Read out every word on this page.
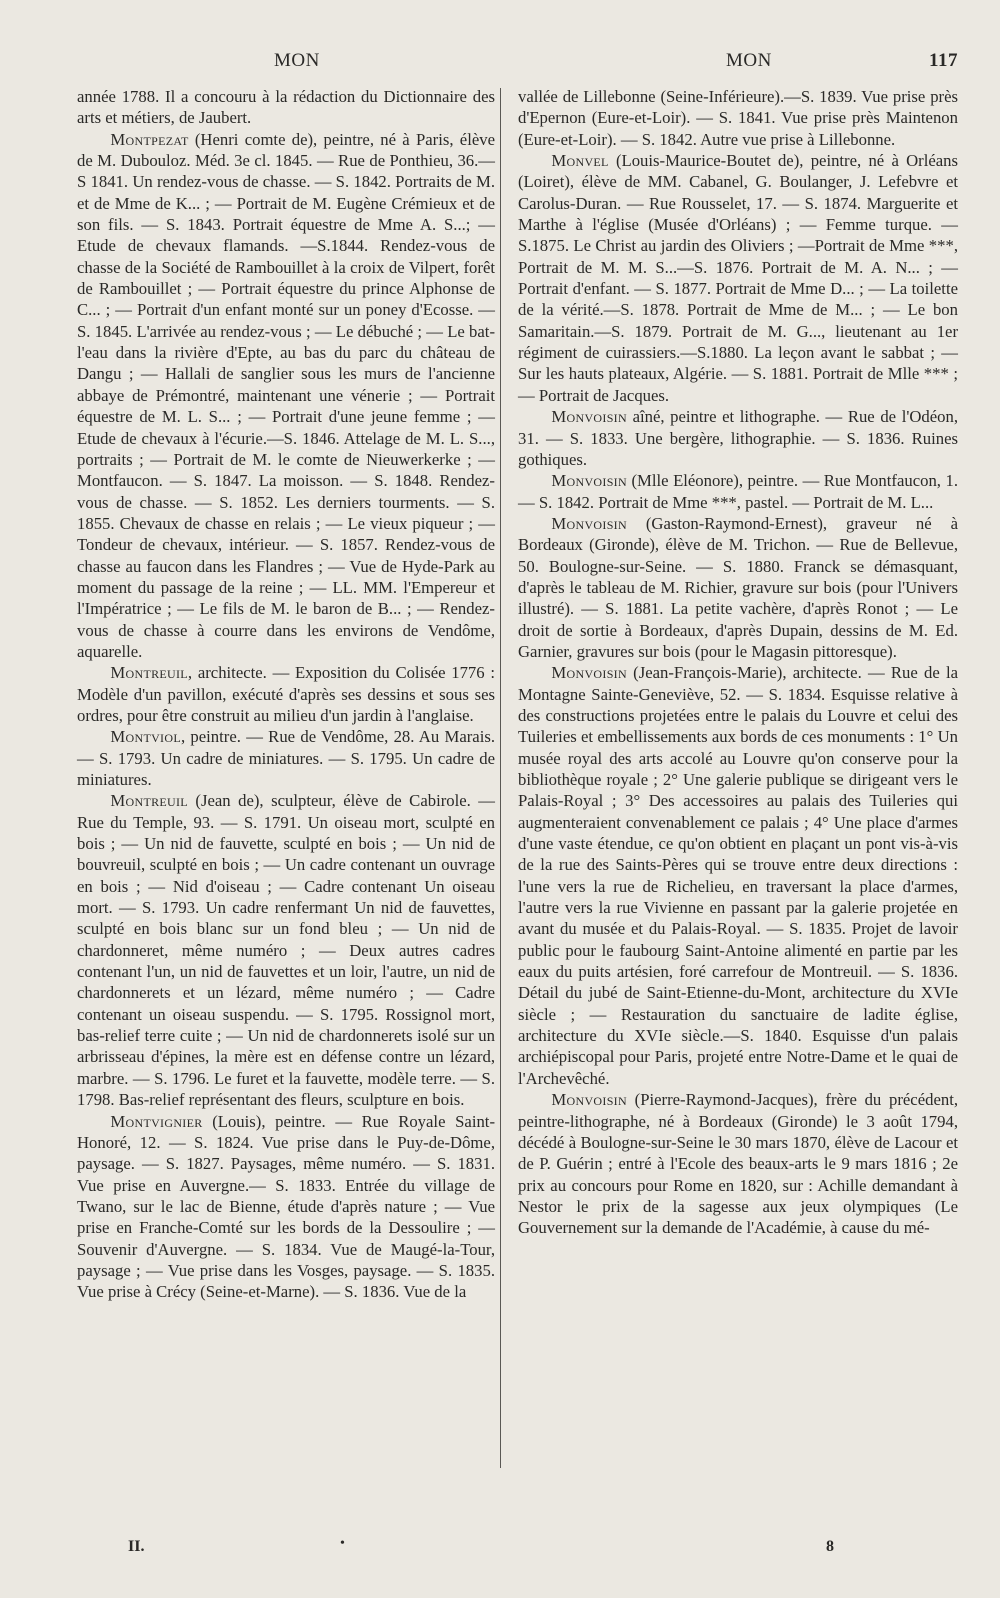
MON	MON	117

année 1788. Il a concouru à la rédaction du Dictionnaire des arts et métiers, de Jaubert.

Montpezat (Henri comte de), peintre, né à Paris, élève de M. Dubouloz. Méd. 3e cl. 1845. — Rue de Ponthieu, 36.—S 1841. Un rendez-vous de chasse. — S. 1842. Portraits de M. et de Mme de K... ; — Portrait de M. Eugène Crémieux et de son fils. — S. 1843. Portrait équestre de Mme A. S...; — Etude de chevaux flamands. —S.1844. Rendez-vous de chasse de la Société de Rambouillet à la croix de Vilpert, forêt de Rambouillet ; — Portrait équestre du prince Alphonse de C... ; — Portrait d'un enfant monté sur un poney d'Ecosse. — S. 1845. L'arrivée au rendez-vous ; — Le débuché ; — Le bat-l'eau dans la rivière d'Epte, au bas du parc du château de Dangu ; — Hallali de sanglier sous les murs de l'ancienne abbaye de Prémontré, maintenant une vénerie ; — Portrait équestre de M. L. S... ; — Portrait d'une jeune femme ; — Etude de chevaux à l'écurie.—S. 1846. Attelage de M. L. S..., portraits ; — Portrait de M. le comte de Nieuwerkerke ; — Montfaucon. — S. 1847. La moisson. — S. 1848. Rendez-vous de chasse. — S. 1852. Les derniers tourments. — S. 1855. Chevaux de chasse en relais ; — Le vieux piqueur ; — Tondeur de chevaux, intérieur. — S. 1857. Rendez-vous de chasse au faucon dans les Flandres ; — Vue de Hyde-Park au moment du passage de la reine ; — LL. MM. l'Empereur et l'Impératrice ; — Le fils de M. le baron de B... ; — Rendez-vous de chasse à courre dans les environs de Vendôme, aquarelle.

Montreuil, architecte. — Exposition du Colisée 1776 : Modèle d'un pavillon, exécuté d'après ses dessins et sous ses ordres, pour être construit au milieu d'un jardin à l'anglaise.

Montviol, peintre. — Rue de Vendôme, 28. Au Marais. — S. 1793. Un cadre de miniatures. — S. 1795. Un cadre de miniatures.

Montreuil (Jean de), sculpteur, élève de Cabirole. — Rue du Temple, 93. — S. 1791. Un oiseau mort, sculpté en bois ; — Un nid de fauvette, sculpté en bois ; — Un nid de bouvreuil, sculpté en bois ; — Un cadre contenant un ouvrage en bois ; — Nid d'oiseau ; — Cadre contenant Un oiseau mort. — S. 1793. Un cadre renfermant Un nid de fauvettes, sculpté en bois blanc sur un fond bleu ; — Un nid de chardonneret, même numéro ; — Deux autres cadres contenant l'un, un nid de fauvettes et un loir, l'autre, un nid de chardonnerets et un lézard, même numéro ; — Cadre contenant un oiseau suspendu. — S. 1795. Rossignol mort, bas-relief terre cuite ; — Un nid de chardonnerets isolé sur un arbrisseau d'épines, la mère est en défense contre un lézard, marbre. — S. 1796. Le furet et la fauvette, modèle terre. — S. 1798. Bas-relief représentant des fleurs, sculpture en bois.

Montvignier (Louis), peintre. — Rue Royale Saint-Honoré, 12. — S. 1824. Vue prise dans le Puy-de-Dôme, paysage. — S. 1827. Paysages, même numéro. — S. 1831. Vue prise en Auvergne.— S. 1833. Entrée du village de Twano, sur le lac de Bienne, étude d'après nature ; — Vue prise en Franche-Comté sur les bords de la Dessoulire ; — Souvenir d'Auvergne. — S. 1834. Vue de Maugé-la-Tour, paysage ; — Vue prise dans les Vosges, paysage. — S. 1835. Vue prise à Crécy (Seine-et-Marne). — S. 1836. Vue de la

vallée de Lillebonne (Seine-Inférieure).—S. 1839. Vue prise près d'Epernon (Eure-et-Loir). — S. 1841. Vue prise près Maintenon (Eure-et-Loir). — S. 1842. Autre vue prise à Lillebonne.

Monvel (Louis-Maurice-Boutet de), peintre, né à Orléans (Loiret), élève de MM. Cabanel, G. Boulanger, J. Lefebvre et Carolus-Duran. — Rue Rousselet, 17. — S. 1874. Marguerite et Marthe à l'église (Musée d'Orléans) ; — Femme turque. — S.1875. Le Christ au jardin des Oliviers ; —Portrait de Mme ***, Portrait de M. M. S...—S. 1876. Portrait de M. A. N... ; — Portrait d'enfant. — S. 1877. Portrait de Mme D... ; — La toilette de la vérité.—S. 1878. Portrait de Mme de M... ; — Le bon Samaritain.—S. 1879. Portrait de M. G..., lieutenant au 1er régiment de cuirassiers.—S.1880. La leçon avant le sabbat ; — Sur les hauts plateaux, Algérie. — S. 1881. Portrait de Mlle *** ; — Portrait de Jacques.

Monvoisin aîné, peintre et lithographe. — Rue de l'Odéon, 31. — S. 1833. Une bergère, lithographie. — S. 1836. Ruines gothiques.

Monvoisin (Mlle Eléonore), peintre. — Rue Montfaucon, 1. — S. 1842. Portrait de Mme ***, pastel. — Portrait de M. L...

Monvoisin (Gaston-Raymond-Ernest), graveur né à Bordeaux (Gironde), élève de M. Trichon. — Rue de Bellevue, 50. Boulogne-sur-Seine. — S. 1880. Franck se démasquant, d'après le tableau de M. Richier, gravure sur bois (pour l'Univers illustré). — S. 1881. La petite vachère, d'après Ronot ; — Le droit de sortie à Bordeaux, d'après Dupain, dessins de M. Ed. Garnier, gravures sur bois (pour le Magasin pittoresque).

Monvoisin (Jean-François-Marie), architecte. — Rue de la Montagne Sainte-Geneviève, 52. — S. 1834. Esquisse relative à des constructions projetées entre le palais du Louvre et celui des Tuileries et embellissements aux bords de ces monuments : 1° Un musée royal des arts accolé au Louvre qu'on conserve pour la bibliothèque royale ; 2° Une galerie publique se dirigeant vers le Palais-Royal ; 3° Des accessoires au palais des Tuileries qui augmenteraient convenablement ce palais ; 4° Une place d'armes d'une vaste étendue, ce qu'on obtient en plaçant un pont vis-à-vis de la rue des Saints-Pères qui se trouve entre deux directions : l'une vers la rue de Richelieu, en traversant la place d'armes, l'autre vers la rue Vivienne en passant par la galerie projetée en avant du musée et du Palais-Royal. — S. 1835. Projet de lavoir public pour le faubourg Saint-Antoine alimenté en partie par les eaux du puits artésien, foré carrefour de Montreuil. — S. 1836. Détail du jubé de Saint-Etienne-du-Mont, architecture du XVIe siècle ; — Restauration du sanctuaire de ladite église, architecture du XVIe siècle.—S. 1840. Esquisse d'un palais archiépiscopal pour Paris, projeté entre Notre-Dame et le quai de l'Archevêché.

Monvoisin (Pierre-Raymond-Jacques), frère du précédent, peintre-lithographe, né à Bordeaux (Gironde) le 3 août 1794, décédé à Boulogne-sur-Seine le 30 mars 1870, élève de Lacour et de P. Guérin ; entré à l'Ecole des beaux-arts le 9 mars 1816 ; 2e prix au concours pour Rome en 1820, sur : Achille demandant à Nestor le prix de la sagesse aux jeux olympiques (Le Gouvernement sur la demande de l'Académie, à cause du mé-

II.	•	8
